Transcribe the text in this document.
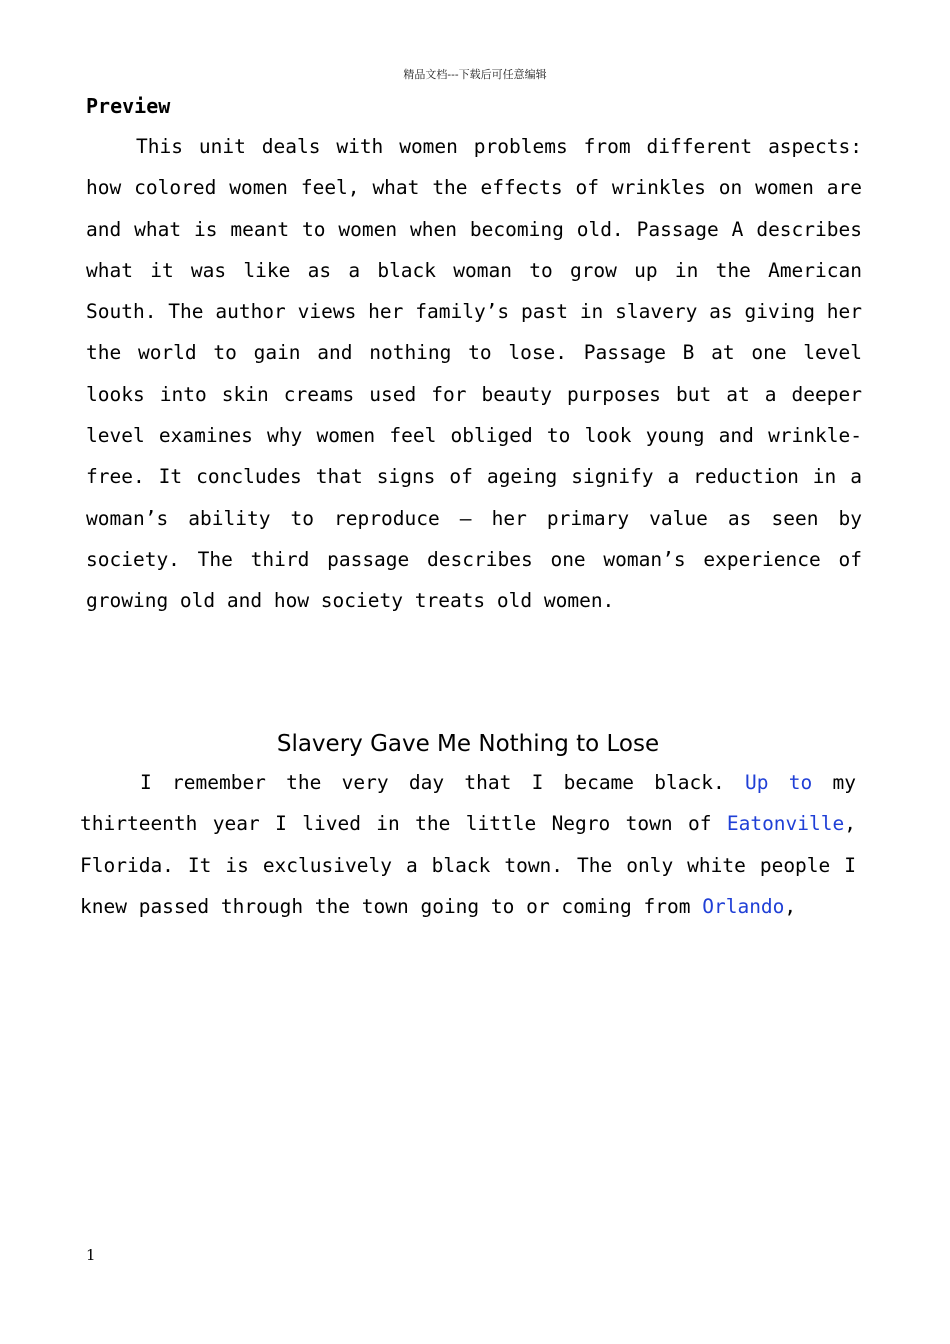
精品文档---下载后可任意编辑
Preview

This unit deals with women problems from different aspects: how colored women feel, what the effects of wrinkles on women are and what is meant to women when becoming old. Passage A describes what it was like as a black woman to grow up in the American South. The author views her family’s past in slavery as giving her the world to gain and nothing to lose. Passage B at one level looks into skin creams used for beauty purposes but at a deeper level examines why women feel obliged to look young and wrinkle-free. It concludes that signs of ageing signify a reduction in a woman’s ability to reproduce — her primary value as seen by society. The third passage describes one woman’s experience of growing old and how society treats old women.

Slavery Gave Me Nothing to Lose

I remember the very day that I became black. Up to my thirteenth year I lived in the little Negro town of Eatonville, Florida. It is exclusively a black town. The only white people I knew passed through the town going to or coming from Orlando,

1
